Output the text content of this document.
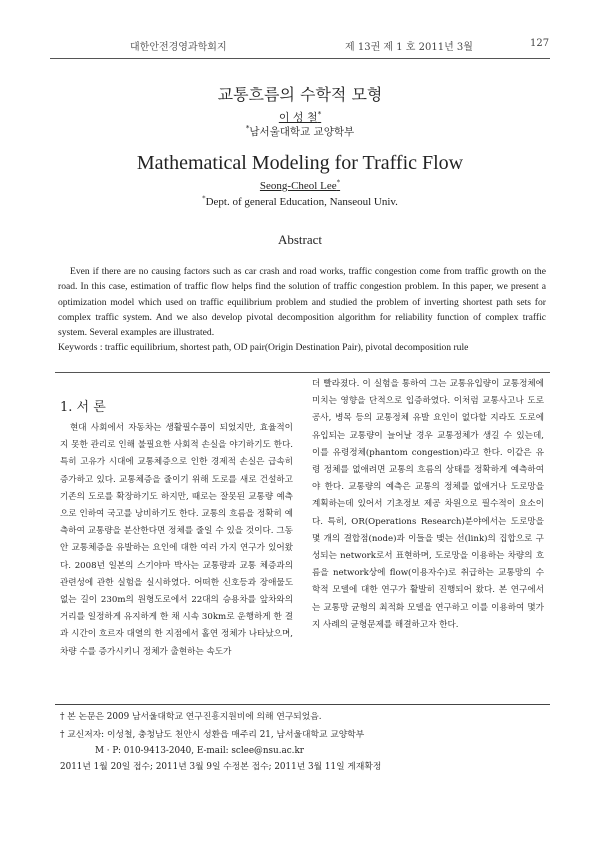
대한안전경영과학회지	제 13권 제 1 호 2011년 3월	127
교통흐름의 수학적 모형
이 성 철*
*남서울대학교 교양학부
Mathematical Modeling for Traffic Flow
Seong-Cheol Lee*
*Dept. of general Education, Nanseoul Univ.
Abstract

Even if there are no causing factors such as car crash and road works, traffic congestion come from traffic growth on the road. In this case, estimation of traffic flow helps find the solution of traffic congestion problem. In this paper, we present a optimization model which used on traffic equilibrium problem and studied the problem of inverting shortest path sets for complex traffic system. And we also develop pivotal decomposition algorithm for reliability function of complex traffic system. Several examples are illustrated.

Keywords : traffic equilibrium, shortest path, OD pair(Origin Destination Pair), pivotal decomposition rule
1. 서 론

현대 사회에서 자동차는 생활필수품이 되었지만, 효율적이지 못한 관리로 인해 불필요한 사회적 손실을 야기하기도 한다. 특히 고유가 시대에 교통체증으로 인한 경제적 손실은 급속히 증가하고 있다. 교통체증을 줄이기 위해 도로를 새로 건설하고 기존의 도로를 확장하기도 하지만, 때로는 잘못된 교통량 예측으로 인하여 국고를 낭비하기도 한다. 교통의 흐름을 정확히 예측하여 교통량을 분산한다면 정체를 줄일 수 있을 것이다. 그동안 교통체증을 유발하는 요인에 대한 여러 가지 연구가 있어왔다. 2008년 일본의 스기야마 박사는 교통량과 교통 체증과의 관련성에 관한 실험을 실시하였다. 어떠한 신호등과 장애물도 없는 길이 230m의 원형도로에서 22대의 승용차를 앞차와의 거리를 일정하게 유지하게 한 채 시속 30km로 운행하게 한 결과 시간이 흐르자 대열의 한 지점에서 홀연 정체가 나타났으며, 차량 수를 증가시키니 정체가 출현하는 속도가

더 빨라졌다. 이 실험을 통하여 그는 교통유입량이 교통정체에 미치는 영향을 단적으로 입증하였다. 이처럼 교통사고나 도로공사, 병목 등의 교통정체 유발 요인이 없다할 지라도 도로에 유입되는 교통량이 늘어날 경우 교통정체가 생길 수 있는데, 이를 유령정체(phantom congestion)라고 한다. 이같은 유령 정체를 없애려면 교통의 흐름의 상태를 정확하게 예측하여야 한다. 교통량의 예측은 교통의 정체를 없애거나 도로망을 계획하는데 있어서 기초정보 제공 차원으로 필수적이 요소이다. 특히, OR(Operations Research)분야에서는 도로망을 몇 개의 결합점(node)과 이들을 맺는 선(link)의 집합으로 구성되는 network로서 표현하며, 도로망을 이용하는 차량의 흐름을 network상에 flow(이용자수)로 취급하는 교통망의 수학적 모델에 대한 연구가 활발히 진행되어 왔다. 본 연구에서는 교통망 균형의 최적화 모델을 연구하고 이를 이용하여 몇가지 사례의 균형문제를 해결하고자 한다.

† 본 논문은 2009 남서울대학교 연구진흥지원비에 의해 연구되었음.
† 교신저자: 이성철, 충청남도 천안시 성환읍 매주리 21, 남서울대학교 교양학부
M · P: 010-9413-2040, E-mail: sclee@nsu.ac.kr
2011년 1월 20일 접수; 2011년 3월 9일 수정본 접수; 2011년 3월 11일 게재확정
